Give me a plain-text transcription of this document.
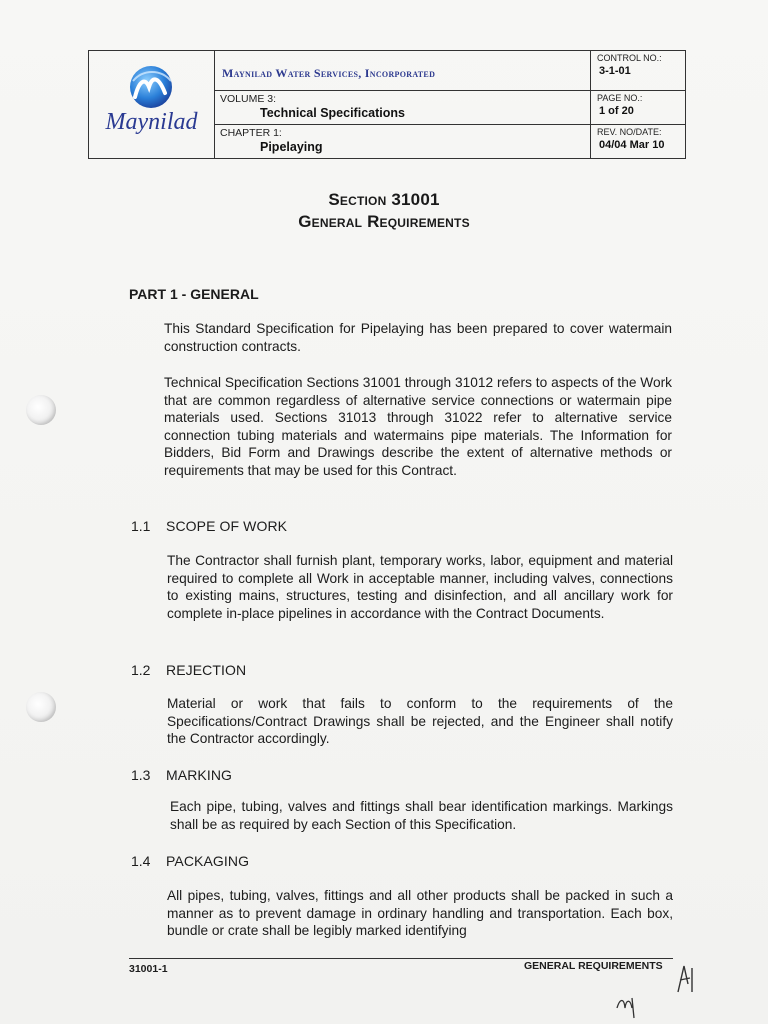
Maynilad
Maynilad Water Services, Incorporated
VOLUME 3:
Technical Specifications
CHAPTER 1:
Pipelaying
CONTROL NO.:
3-1-01
PAGE NO.:
1 of 20
REV. NO/DATE:
04/04 Mar 10
Section 31001
General Requirements
PART 1 - GENERAL
This Standard Specification for Pipelaying has been prepared to cover watermain construction contracts.
Technical Specification Sections 31001 through 31012 refers to aspects of the Work that are common regardless of alternative service connections or watermain pipe materials used. Sections 31013 through 31022 refer to alternative service connection tubing materials and watermains pipe materials. The Information for Bidders, Bid Form and Drawings describe the extent of alternative methods or requirements that may be used for this Contract.
1.1 SCOPE OF WORK
The Contractor shall furnish plant, temporary works, labor, equipment and material required to complete all Work in acceptable manner, including valves, connections to existing mains, structures, testing and disinfection, and all ancillary work for complete in-place pipelines in accordance with the Contract Documents.
1.2 REJECTION
Material or work that fails to conform to the requirements of the Specifications/Contract Drawings shall be rejected, and the Engineer shall notify the Contractor accordingly.
1.3 MARKING
Each pipe, tubing, valves and fittings shall bear identification markings. Markings shall be as required by each Section of this Specification.
1.4 PACKAGING
All pipes, tubing, valves, fittings and all other products shall be packed in such a manner as to prevent damage in ordinary handling and transportation. Each box, bundle or crate shall be legibly marked identifying
31001-1	GENERAL REQUIREMENTS
